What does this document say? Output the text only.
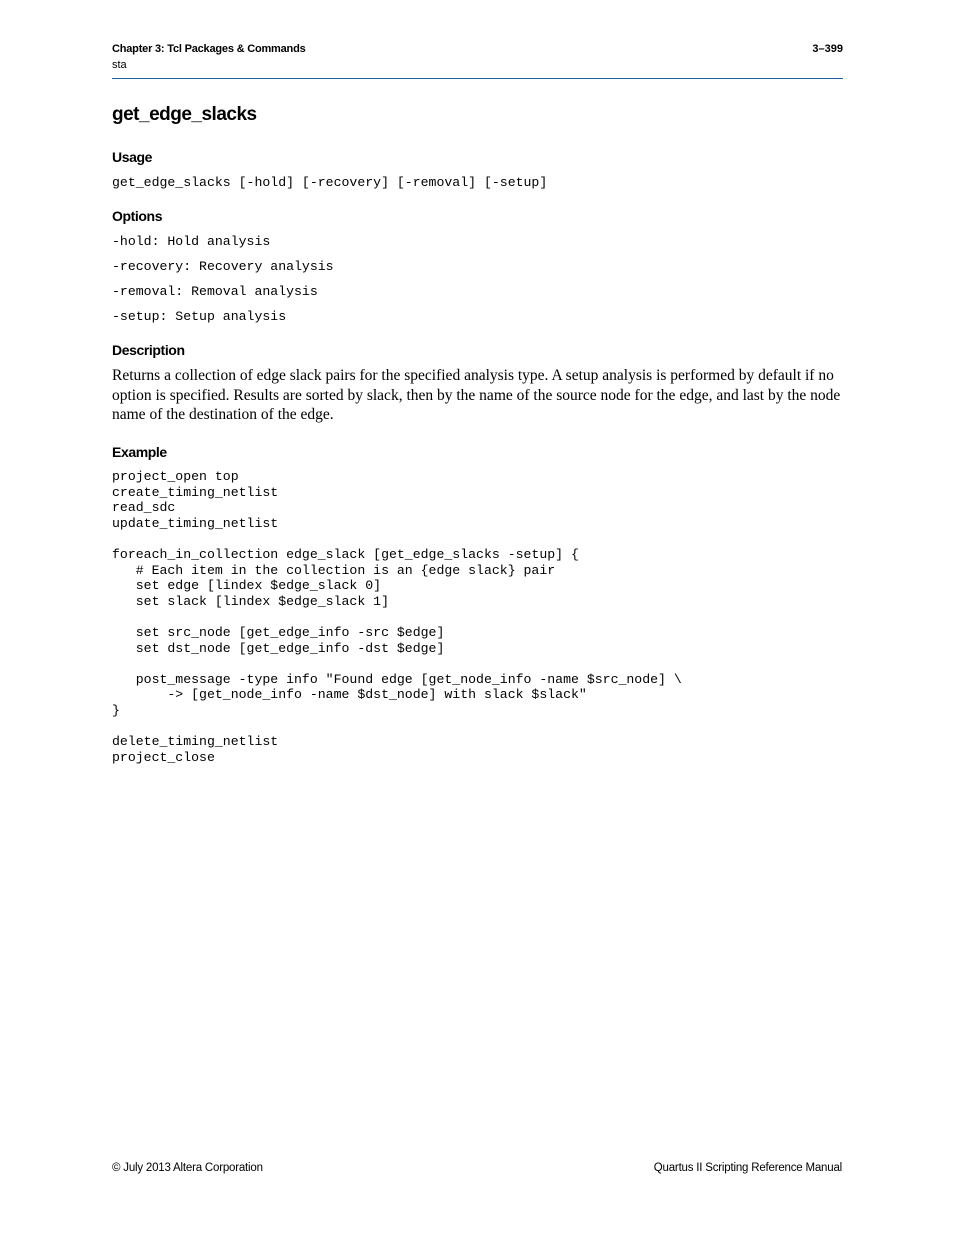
Chapter 3: Tcl Packages & Commands	3–399
sta
get_edge_slacks
Usage
get_edge_slacks [-hold] [-recovery] [-removal] [-setup]
Options
-hold: Hold analysis
-recovery: Recovery analysis
-removal: Removal analysis
-setup: Setup analysis
Description

Returns a collection of edge slack pairs for the specified analysis type. A setup analysis is performed by default if no option is specified. Results are sorted by slack, then by the name of the source node for the edge, and last by the node name of the destination of the edge.

Example
project_open top
create_timing_netlist
read_sdc
update_timing_netlist

foreach_in_collection edge_slack [get_edge_slacks -setup] {
# Each item in the collection is an {edge slack} pair
set edge [lindex $edge_slack 0]
set slack [lindex $edge_slack 1]

set src_node [get_edge_info -src $edge]
set dst_node [get_edge_info -dst $edge]

post_message -type info "Found edge [get_node_info -name $src_node] \
-> [get_node_info -name $dst_node] with slack $slack"
}

delete_timing_netlist
project_close
© July 2013 Altera Corporation	Quartus II Scripting Reference Manual
